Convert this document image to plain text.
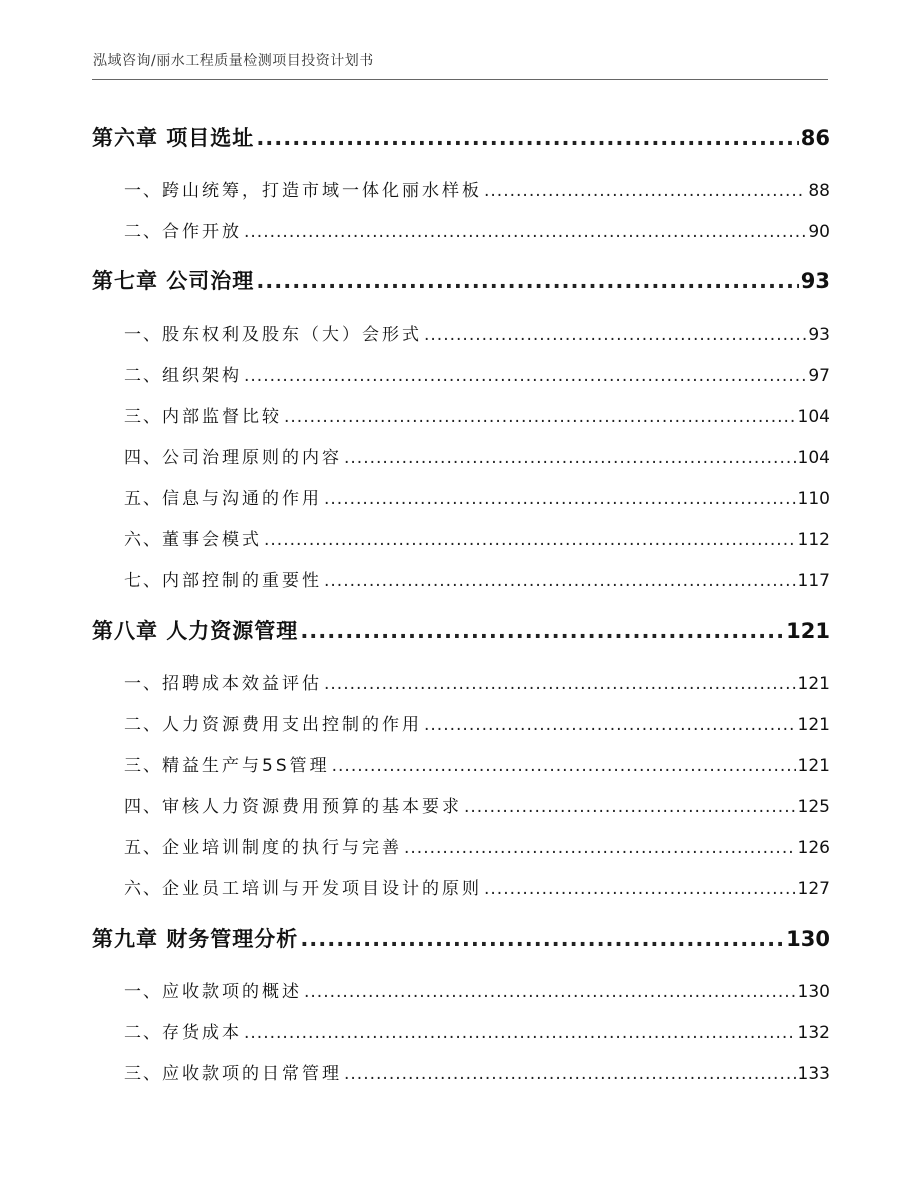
泓域咨询/丽水工程质量检测项目投资计划书
第六章 项目选址 .....	86
一、 跨山统筹，打造市域一体化丽水样板 .....	88
二、 合作开放 .....	90
第七章 公司治理 .....	93
一、 股东权利及股东（大）会形式 .....	93
二、 组织架构 .....	97
三、 内部监督比较 .....	104
四、 公司治理原则的内容 .....	104
五、 信息与沟通的作用 .....	110
六、 董事会模式 .....	112
七、 内部控制的重要性 .....	117
第八章 人力资源管理 .....	121
一、 招聘成本效益评估 .....	121
二、 人力资源费用支出控制的作用 .....	121
三、 精益生产与5S管理 .....	121
四、 审核人力资源费用预算的基本要求 .....	125
五、 企业培训制度的执行与完善 .....	126
六、 企业员工培训与开发项目设计的原则 .....	127
第九章 财务管理分析 .....	130
一、 应收款项的概述 .....	130
二、 存货成本 .....	132
三、 应收款项的日常管理 .....	133
